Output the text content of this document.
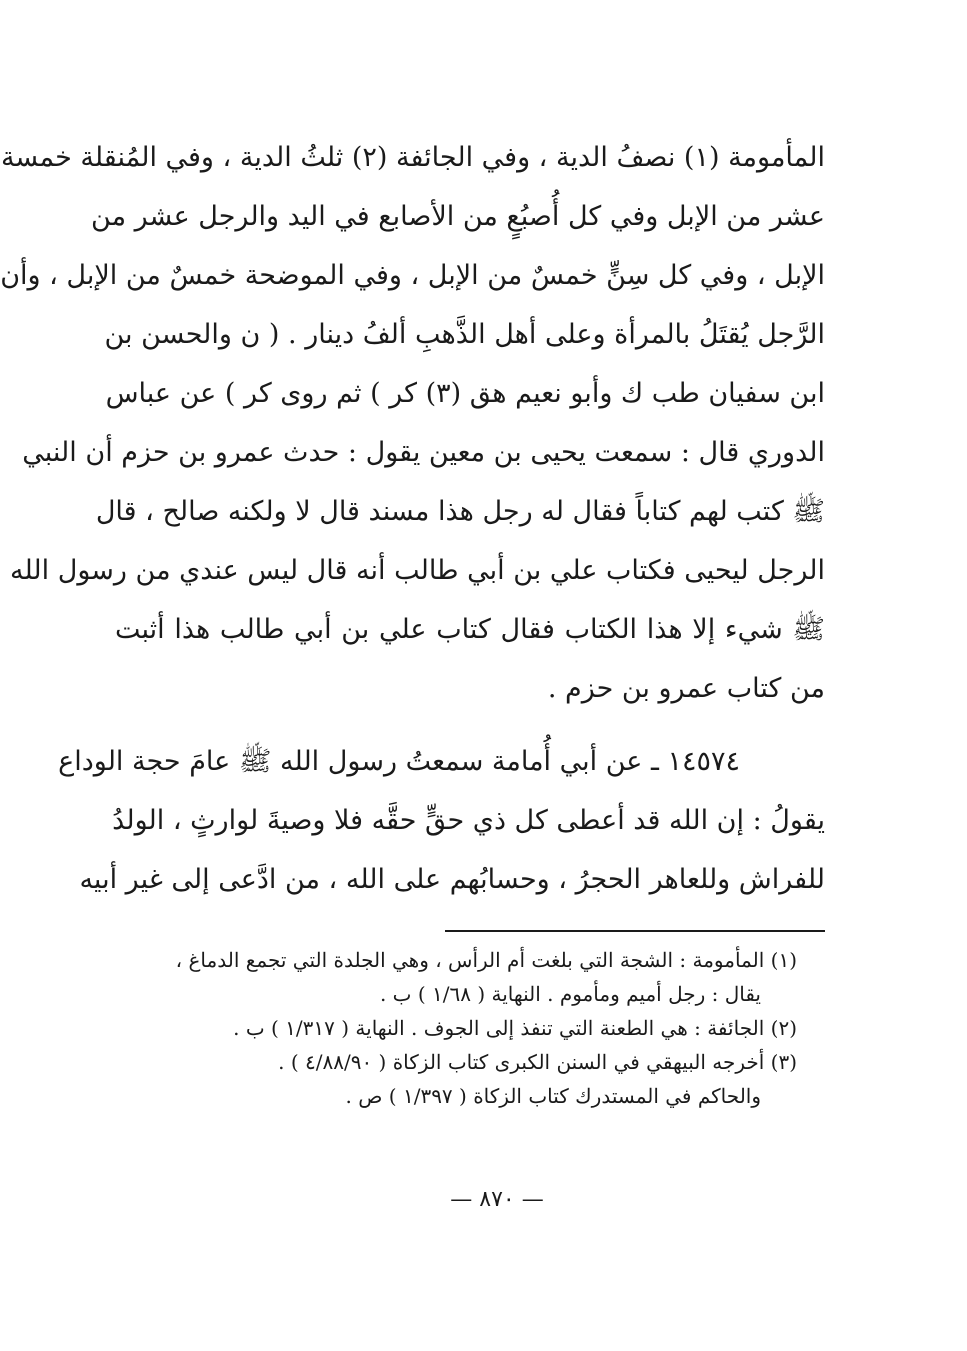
المأمومة (١) نصفُ الدية ، وفي الجائفة (٢) ثلثُ الدية ، وفي المُنقلة خمسة
عشر من الإبل وفي كل أُصبُعٍ من الأصابع في اليد والرجل عشر من
الإبل ، وفي كل سِنٍّ خمسٌ من الإبل ، وفي الموضحة خمسٌ من الإبل ، وأن
الرَّجل يُقتَلُ بالمرأة وعلى أهل الذَّهبِ ألفُ دينار . ( ن والحسن بن
ابن سفيان طب ك وأبو نعيم هق (٣) كر ) ثم روى كر ) عن عباس
الدوري قال : سمعت يحيى بن معين يقول : حدث عمرو بن حزم أن النبي
ﷺ كتب لهم كتاباً فقال له رجل هذا مسند قال لا ولكنه صالح ، قال
الرجل ليحيى فكتاب علي بن أبي طالب أنه قال ليس عندي من رسول الله
ﷺ شيء إلا هذا الكتاب فقال كتاب علي بن أبي طالب هذا أثبت
من كتاب عمرو بن حزم .
١٤٥٧٤ ـ عن أبي أُمامة سمعتُ رسول الله ﷺ عامَ حجة الوداع
يقولُ : إن الله قد أعطى كل ذي حقٍّ حقَّه فلا وصيةَ لوارثٍ ، الولدُ
للفراش وللعاهر الحجرُ ، وحسابُهم على الله ، من ادَّعى إلى غير أبيه
(١) المأمومة : الشجة التي بلغت أم الرأس ، وهي الجلدة التي تجمع الدماغ ،
يقال : رجل أميم ومأموم . النهاية ( ١/٦٨ ) ب .
(٢) الجائفة : هي الطعنة التي تنفذ إلى الجوف . النهاية ( ١/٣١٧ ) ب .
(٣) أخرجه البيهقي في السنن الكبرى كتاب الزكاة ( ٤/٨٨/٩٠ ) .
والحاكم في المستدرك كتاب الزكاة ( ١/٣٩٧ ) ص .
— ٨٧٠ —
